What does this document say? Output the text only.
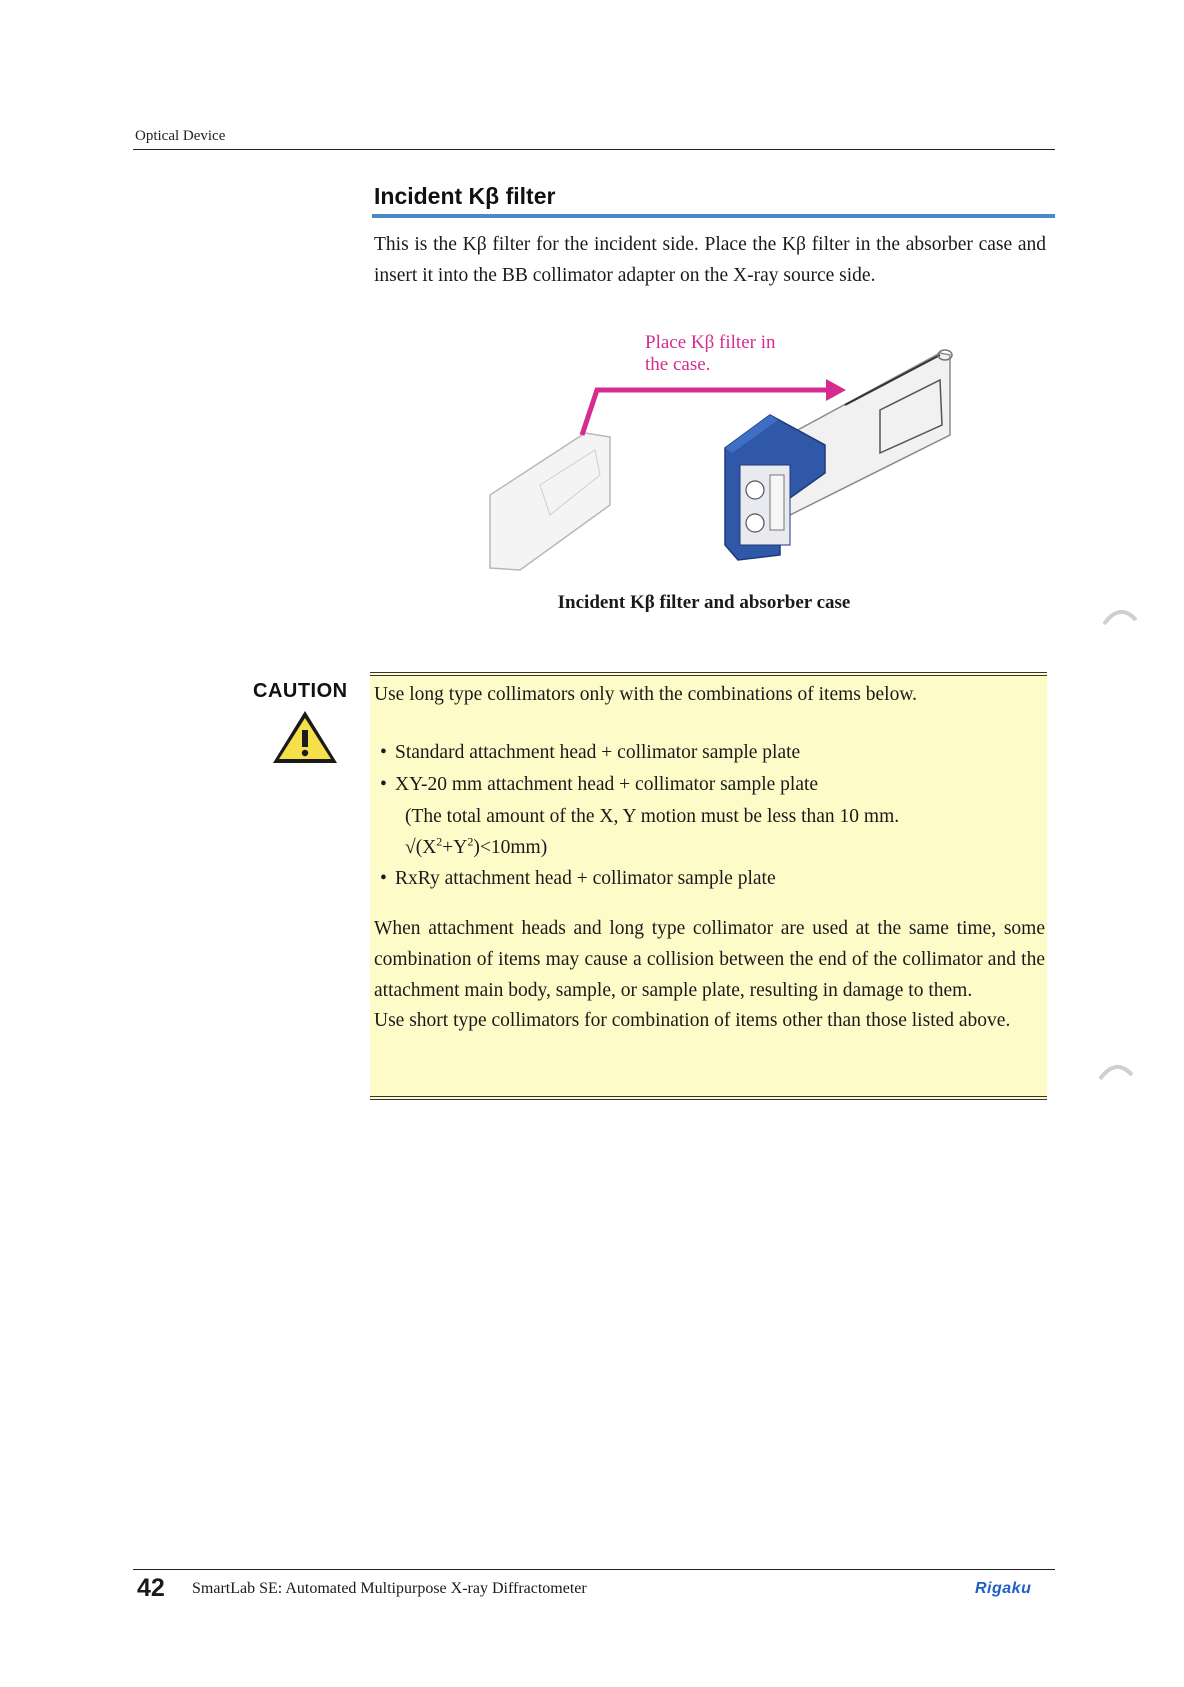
Optical Device
Incident Kβ filter
This is the Kβ filter for the incident side. Place the Kβ filter in the absorber case and insert it into the BB collimator adapter on the X-ray source side.
Place Kβ filter in
the case.
Incident Kβ filter and absorber case
CAUTION Use long type collimators only with the combinations of items below.
• Standard attachment head + collimator sample plate
• XY-20 mm attachment head + collimator sample plate
(The total amount of the X, Y motion must be less than 10 mm.
$√(X^2+Y^2)<10mm$)
• RxRy attachment head + collimator sample plate

When attachment heads and long type collimator are used at the same time, some combination of items may cause a collision between the end of the collimator and the attachment main body, sample, or sample plate, resulting in damage to them.

Use short type collimators for combination of items other than those listed above.

42 SmartLab SE: Automated Multipurpose X-ray Diffractometer	Rigaku
